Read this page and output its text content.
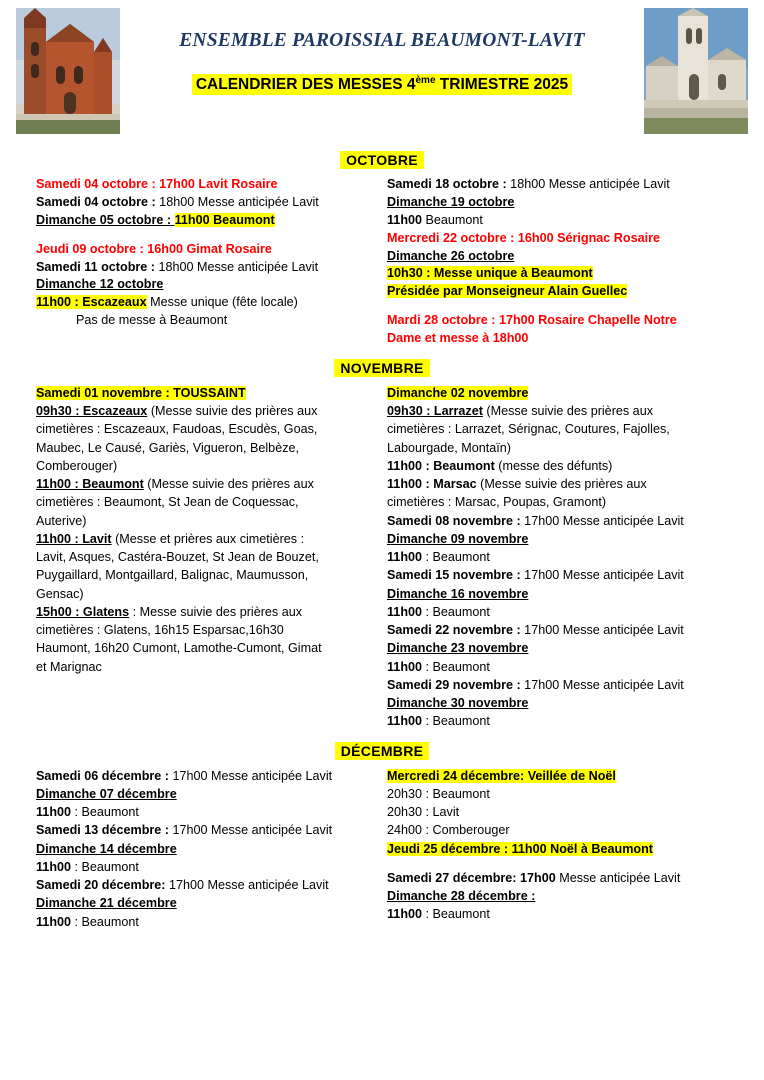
ENSEMBLE PAROISSIAL BEAUMONT-LAVIT
CALENDRIER DES MESSES 4ème TRIMESTRE 2025
OCTOBRE

Samedi 04 octobre : 17h00 Lavit Rosaire

Samedi 04 octobre : 18h00 Messe anticipée Lavit

Dimanche 05 octobre : 11h00 Beaumont

Jeudi 09 octobre : 16h00 Gimat Rosaire

Samedi 11 octobre : 18h00 Messe anticipée Lavit

Dimanche 12 octobre

11h00 : Escazeaux Messe unique (fête locale)

Pas de messe à Beaumont

Samedi 18 octobre : 18h00 Messe anticipée Lavit

Dimanche 19 octobre

11h00 Beaumont

Mercredi 22 octobre : 16h00 Sérignac Rosaire

Dimanche 26 octobre

10h30 : Messe unique à Beaumont

Présidée par Monseigneur Alain Guellec

Mardi 28 octobre : 17h00 Rosaire Chapelle Notre

Dame et messe à 18h00

NOVEMBRE

Samedi 01 novembre : TOUSSAINT

09h30 : Escazeaux (Messe suivie des prières aux

cimetières : Escazeaux, Faudoas, Escudès, Goas,

Maubec, Le Causé, Gariès, Vigueron, Belbèze,

Comberouger)

11h00 : Beaumont (Messe suivie des prières aux

cimetières : Beaumont, St Jean de Coquessac,

Auterive)

11h00 : Lavit (Messe et prières aux cimetières :

Lavit, Asques, Castéra-Bouzet, St Jean de Bouzet,

Puygaillard, Montgaillard, Balignac, Maumusson,

Gensac)

15h00 : Glatens : Messe suivie des prières aux

cimetières : Glatens, 16h15 Esparsac,16h30

Haumont, 16h20 Cumont, Lamothe-Cumont, Gimat

et Marignac

Dimanche 02 novembre

09h30 : Larrazet (Messe suivie des prières aux

cimetières : Larrazet, Sérignac, Coutures, Fajolles,

Labourgade, Montaïn)

11h00 : Beaumont (messe des défunts)

11h00 : Marsac (Messe suivie des prières aux

cimetières : Marsac, Poupas, Gramont)

Samedi 08 novembre : 17h00 Messe anticipée Lavit

Dimanche 09 novembre

11h00 : Beaumont

Samedi 15 novembre : 17h00 Messe anticipée Lavit

Dimanche 16 novembre

11h00 : Beaumont

Samedi 22 novembre : 17h00 Messe anticipée Lavit

Dimanche 23 novembre

11h00 : Beaumont

Samedi 29 novembre : 17h00 Messe anticipée Lavit

Dimanche 30 novembre

11h00 : Beaumont

DÉCEMBRE

Samedi 06 décembre : 17h00 Messe anticipée Lavit

Dimanche 07 décembre

11h00 : Beaumont

Samedi 13 décembre : 17h00 Messe anticipée Lavit

Dimanche 14 décembre

11h00 : Beaumont

Samedi 20 décembre: 17h00 Messe anticipée Lavit

Dimanche 21 décembre

11h00 : Beaumont

Mercredi 24 décembre: Veillée de Noël

20h30 : Beaumont

20h30 : Lavit

24h00 : Comberouger

Jeudi 25 décembre : 11h00 Noël à Beaumont

Samedi 27 décembre: 17h00 Messe anticipée Lavit

Dimanche 28 décembre :

11h00 : Beaumont
